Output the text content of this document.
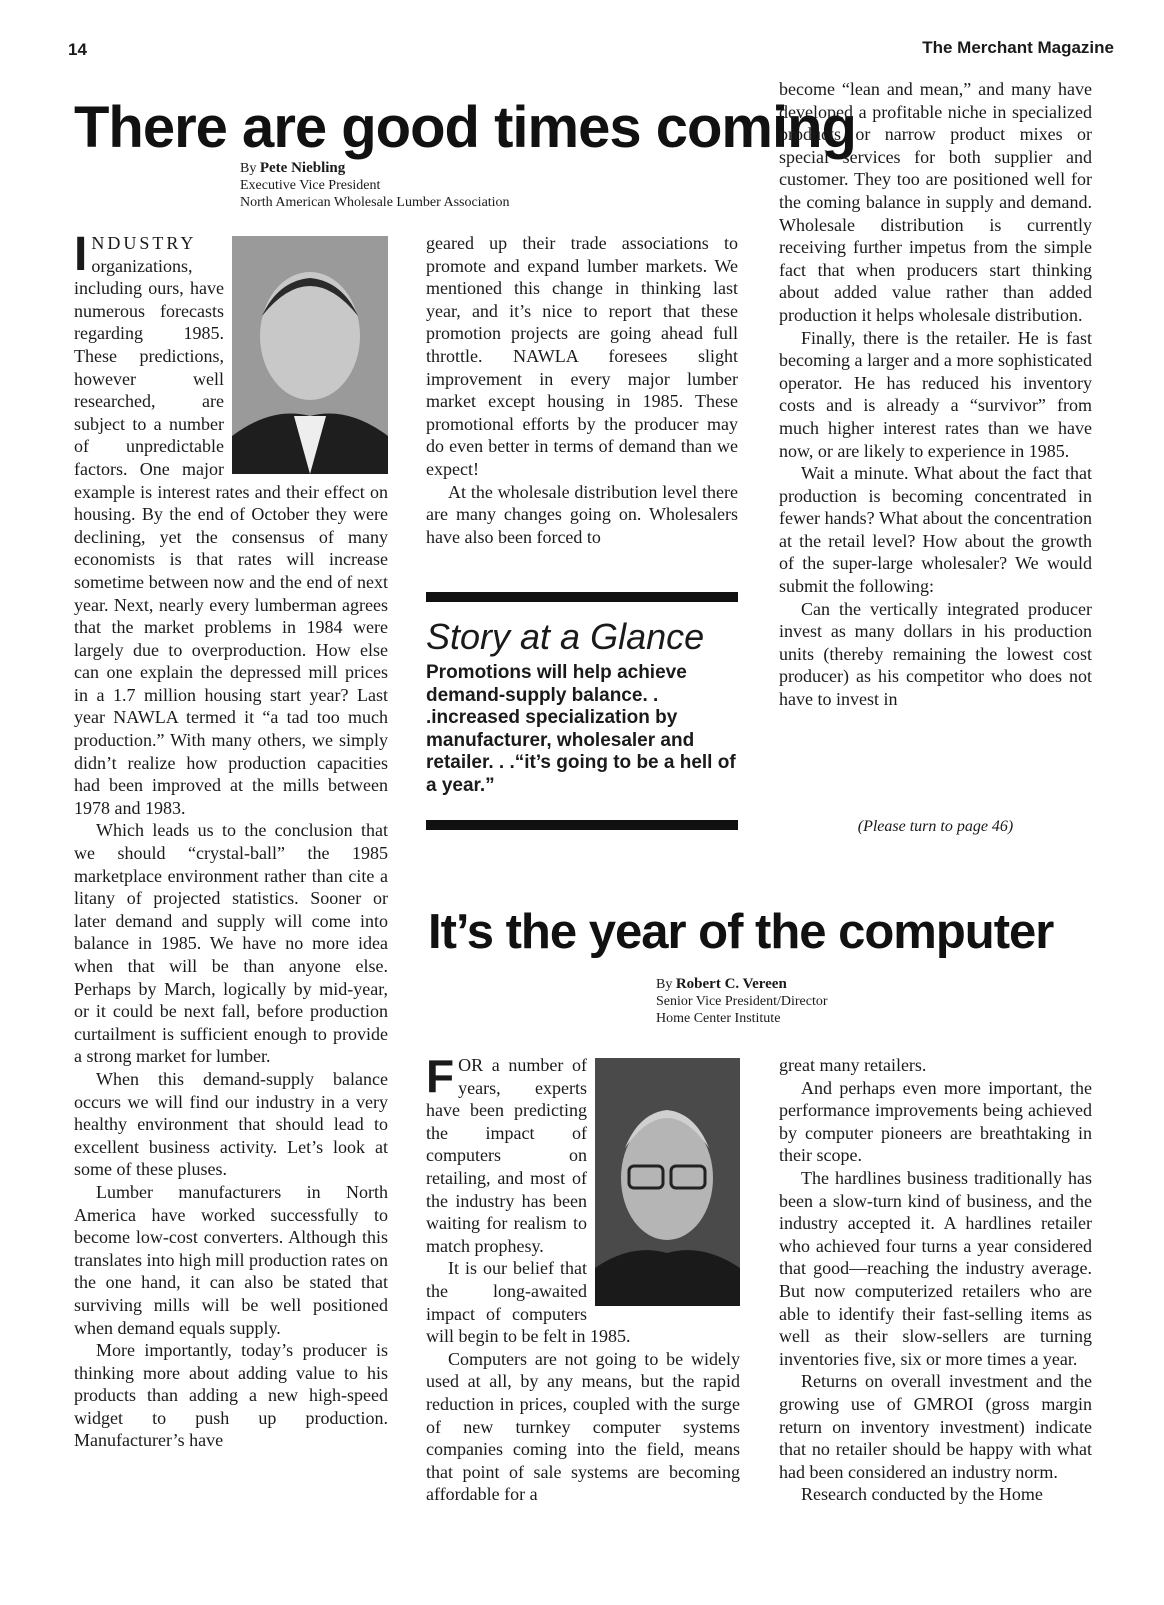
14	The Merchant Magazine
There are good times coming
By Pete Niebling
Executive Vice President
North American Wholesale Lumber Association

INDUSTRY organizations, including ours, have numerous forecasts regarding 1985. These predictions, however well researched, are subject to a number of unpredictable factors. One major example is interest rates and their effect on housing. By the end of October they were declining, yet the consensus of many economists is that rates will increase sometime between now and the end of next year. Next, nearly every lumberman agrees that the market problems in 1984 were largely due to overproduction. How else can one explain the depressed mill prices in a 1.7 million housing start year? Last year NAWLA termed it “a tad too much production.” With many others, we simply didn’t realize how production capacities had been improved at the mills between 1978 and 1983.

Which leads us to the conclusion that we should “crystal-ball” the 1985 marketplace environment rather than cite a litany of projected statistics. Sooner or later demand and supply will come into balance in 1985. We have no more idea when that will be than anyone else. Perhaps by March, logically by mid-year, or it could be next fall, before production curtailment is sufficient enough to provide a strong market for lumber.

When this demand-supply balance occurs we will find our industry in a very healthy environment that should lead to excellent business activity. Let’s look at some of these pluses.

Lumber manufacturers in North America have worked successfully to become low-cost converters. Although this translates into high mill production rates on the one hand, it can also be stated that surviving mills will be well positioned when demand equals supply.

More importantly, today’s producer is thinking more about adding value to his products than adding a new high-speed widget to push up production. Manufacturer’s have

geared up their trade associations to promote and expand lumber markets. We mentioned this change in thinking last year, and it’s nice to report that these promotion projects are going ahead full throttle. NAWLA foresees slight improvement in every major lumber market except housing in 1985. These promotional efforts by the producer may do even better in terms of demand than we expect!

At the wholesale distribution level there are many changes going on. Wholesalers have also been forced to

Story at a Glance
Promotions will help achieve demand-supply balance. . .increased specialization by manufacturer, wholesaler and retailer. . .“it’s going to be a hell of a year.”

become “lean and mean,” and many have developed a profitable niche in specialized products or narrow product mixes or special services for both supplier and customer. They too are positioned well for the coming balance in supply and demand. Wholesale distribution is currently receiving further impetus from the simple fact that when producers start thinking about added value rather than added production it helps wholesale distribution.

Finally, there is the retailer. He is fast becoming a larger and a more sophisticated operator. He has reduced his inventory costs and is already a “survivor” from much higher interest rates than we have now, or are likely to experience in 1985.

Wait a minute. What about the fact that production is becoming concentrated in fewer hands? What about the concentration at the retail level? How about the growth of the super-large wholesaler? We would submit the following:

Can the vertically integrated producer invest as many dollars in his production units (thereby remaining the lowest cost producer) as his competitor who does not have to invest in

(Please turn to page 46)
It’s the year of the computer
By Robert C. Vereen
Senior Vice President/Director
Home Center Institute

FOR a number of years, experts have been predicting the impact of computers on retailing, and most of the industry has been waiting for realism to match prophesy.

It is our belief that the long-awaited impact of computers will begin to be felt in 1985.

Computers are not going to be widely used at all, by any means, but the rapid reduction in prices, coupled with the surge of new turnkey computer systems companies coming into the field, means that point of sale systems are becoming affordable for a

great many retailers.

And perhaps even more important, the performance improvements being achieved by computer pioneers are breathtaking in their scope.

The hardlines business traditionally has been a slow-turn kind of business, and the industry accepted it. A hardlines retailer who achieved four turns a year considered that good—reaching the industry average. But now computerized retailers who are able to identify their fast-selling items as well as their slow-sellers are turning inventories five, six or more times a year.

Returns on overall investment and the growing use of GMROI (gross margin return on inventory investment) indicate that no retailer should be happy with what had been considered an industry norm.

Research conducted by the Home
